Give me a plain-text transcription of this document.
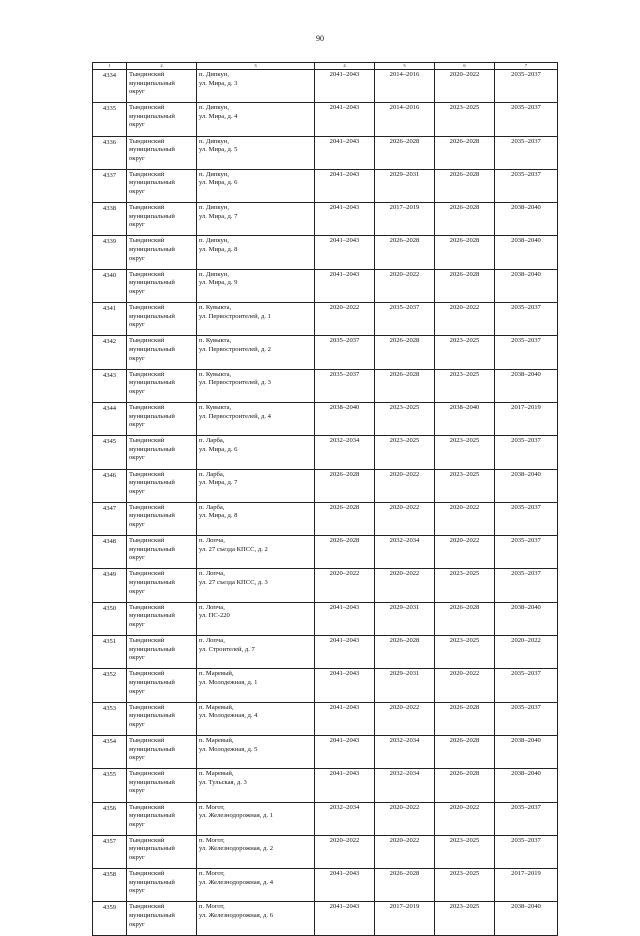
90
1	2	3	4	5	6	7
4334	Тындинский
муниципальный
округ	п. Дипкун,
ул. Мира, д. 3	2041–2043	2014–2016	2020–2022	2035–2037
4335	Тындинский
муниципальный
округ	п. Дипкун,
ул. Мира, д. 4	2041–2043	2014–2016	2023–2025	2035–2037
4336	Тындинский
муниципальный
округ	п. Дипкун,
ул. Мира, д. 5	2041–2043	2026–2028	2026–2028	2035–2037
4337	Тындинский
муниципальный
округ	п. Дипкун,
ул. Мира, д. 6	2041–2043	2029–2031	2026–2028	2035–2037
4338	Тындинский
муниципальный
округ	п. Дипкун,
ул. Мира, д. 7	2041–2043	2017–2019	2026–2028	2038–2040
4339	Тындинский
муниципальный
округ	п. Дипкун,
ул. Мира, д. 8	2041–2043	2026–2028	2026–2028	2038–2040
4340	Тындинский
муниципальный
округ	п. Дипкун,
ул. Мира, д. 9	2041–2043	2020–2022	2026–2028	2038–2040
4341	Тындинский
муниципальный
округ	п. Кувыкта,
ул. Первостроителей, д. 1	2020–2022	2035–2037	2020–2022	2035–2037
4342	Тындинский
муниципальный
округ	п. Кувыкта,
ул. Первостроителей, д. 2	2035–2037	2026–2028	2023–2025	2035–2037
4343	Тындинский
муниципальный
округ	п. Кувыкта,
ул. Первостроителей, д. 3	2035–2037	2026–2028	2023–2025	2038–2040
4344	Тындинский
муниципальный
округ	п. Кувыкта,
ул. Первостроителей, д. 4	2038–2040	2023–2025	2038–2040	2017–2019
4345	Тындинский
муниципальный
округ	п. Ларба,
ул. Мира, д. 6	2032–2034	2023–2025	2023–2025	2035–2037
4346	Тындинский
муниципальный
округ	п. Ларба,
ул. Мира, д. 7	2026–2028	2020–2022	2023–2025	2038–2040
4347	Тындинский
муниципальный
округ	п. Ларба,
ул. Мира, д. 8	2026–2028	2020–2022	2020–2022	2035–2037
4348	Тындинский
муниципальный
округ	п. Лопча,
ул. 27 съезда КПСС, д. 2	2026–2028	2032–2034	2020–2022	2035–2037
4349	Тындинский
муниципальный
округ	п. Лопча,
ул. 27 съезда КПСС, д. 3	2020–2022	2020–2022	2023–2025	2035–2037
4350	Тындинский
муниципальный
округ	п. Лопча,
ул. ПС-220	2041–2043	2029–2031	2026–2028	2038–2040
4351	Тындинский
муниципальный
округ	п. Лопча,
ул. Строителей, д. 7	2041–2043	2026–2028	2023–2025	2020–2022
4352	Тындинский
муниципальный
округ	п. Маревый,
ул. Молодежная, д. 1	2041–2043	2029–2031	2020–2022	2035–2037
4353	Тындинский
муниципальный
округ	п. Маревый,
ул. Молодежная, д. 4	2041–2043	2020–2022	2026–2028	2035–2037
4354	Тындинский
муниципальный
округ	п. Маревый,
ул. Молодежная, д. 5	2041–2043	2032–2034	2026–2028	2038–2040
4355	Тындинский
муниципальный
округ	п. Маревый,
ул. Тульская, д. 3	2041–2043	2032–2034	2026–2028	2038–2040
4356	Тындинский
муниципальный
округ	п. Могот,
ул. Железнодорожная, д. 1	2032–2034	2020–2022	2020–2022	2035–2037
4357	Тындинский
муниципальный
округ	п. Могот,
ул. Железнодорожная, д. 2	2020–2022	2020–2022	2023–2025	2035–2037
4358	Тындинский
муниципальный
округ	п. Могот,
ул. Железнодорожная, д. 4	2041–2043	2026–2028	2023–2025	2017–2019
4359	Тындинский
муниципальный
округ	п. Могот,
ул. Железнодорожная, д. 6	2041–2043	2017–2019	2023–2025	2038–2040
